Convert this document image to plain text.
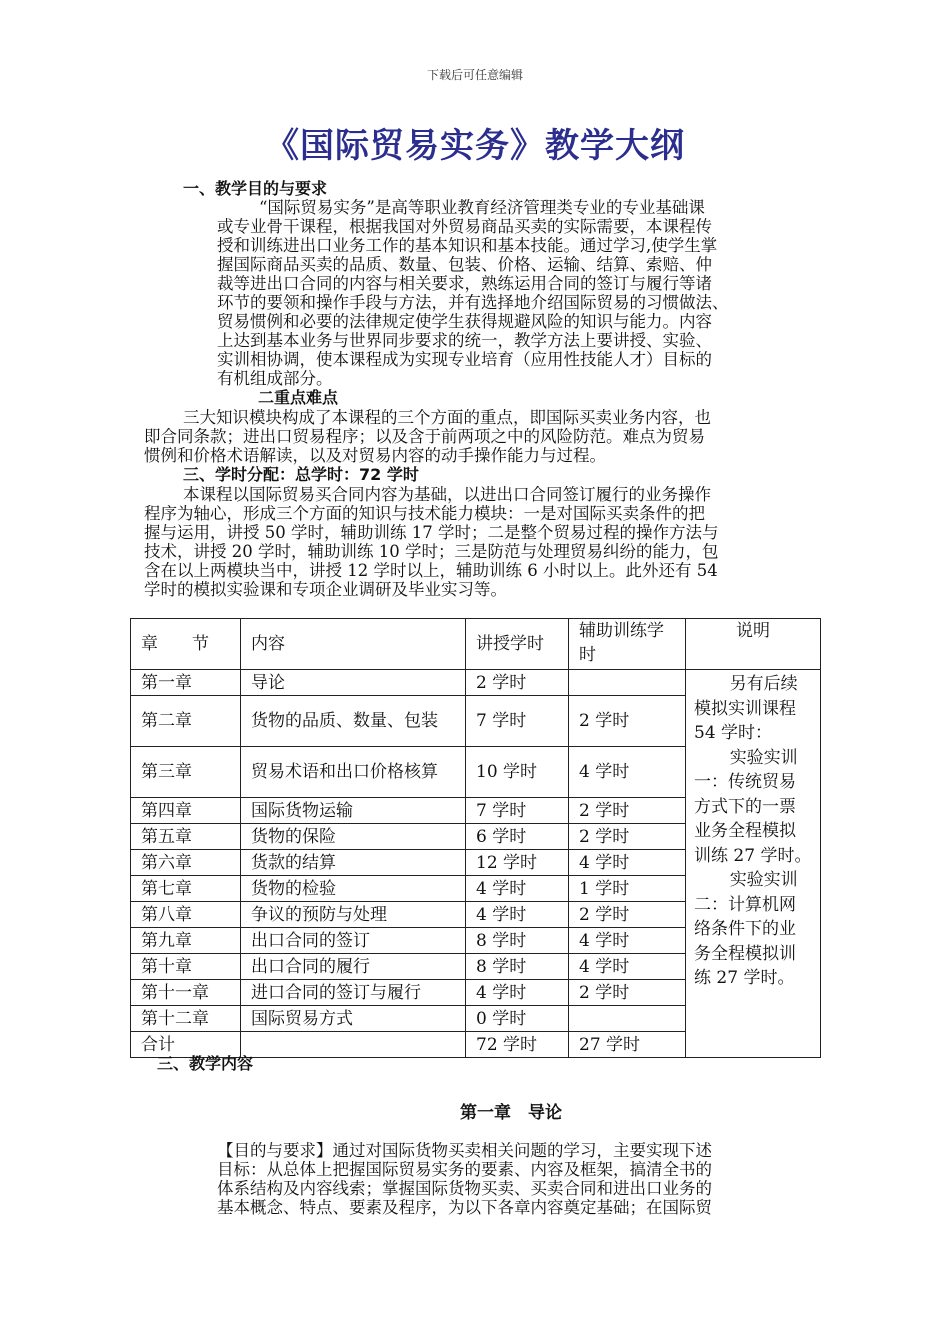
下载后可任意编辑
《国际贸易实务》教学大纲
一、教学目的与要求
“国际贸易实务”是高等职业教育经济管理类专业的专业基础课
或专业骨干课程，根据我国对外贸易商品买卖的实际需要，本课程传
授和训练进出口业务工作的基本知识和基本技能。通过学习,使学生掌
握国际商品买卖的品质、数量、包装、价格、运输、结算、索赔、仲
裁等进出口合同的内容与相关要求，熟练运用合同的签订与履行等诸
环节的要领和操作手段与方法，并有选择地介绍国际贸易的习惯做法、
贸易惯例和必要的法律规定使学生获得规避风险的知识与能力。内容
上达到基本业务与世界同步要求的统一，教学方法上要讲授、实验、
实训相协调，使本课程成为实现专业培育（应用性技能人才）目标的
有机组成部分。
二重点难点
三大知识模块构成了本课程的三个方面的重点，即国际买卖业务内容，也
即合同条款；进出口贸易程序；以及含于前两项之中的风险防范。难点为贸易
惯例和价格术语解读，以及对贸易内容的动手操作能力与过程。
三、学时分配：总学时：72 学时
本课程以国际贸易买合同内容为基础，以进出口合同签订履行的业务操作
程序为轴心，形成三个方面的知识与技术能力模块：一是对国际买卖条件的把
握与运用，讲授 50 学时，辅助训练 17 学时；二是整个贸易过程的操作方法与
技术，讲授 20 学时，辅助训练 10 学时；三是防范与处理贸易纠纷的能力，包
含在以上两模块当中，讲授 12 学时以上，辅助训练 6 小时以上。此外还有 54
学时的模拟实验课和专项企业调研及毕业实习等。
章　　节	内容	讲授学时	辅助训练学时	说明
第一章	导论	2 学时		另有后续模拟实训课程 54 学时：

实验实训一：传统贸易方式下的一票业务全程模拟训练 27 学时。

实验实训二：计算机网络条件下的业务全程模拟训练 27 学时。

第二章	货物的品质、数量、包装	7 学时	2 学时	
第三章	贸易术语和出口价格核算	10 学时	4 学时	
第四章	国际货物运输	7 学时	2 学时	
第五章	货物的保险	6 学时	2 学时	
第六章	货款的结算	12 学时	4 学时	
第七章	货物的检验	4 学时	1 学时	
第八章	争议的预防与处理	4 学时	2 学时	
第九章	出口合同的签订	8 学时	4 学时	
第十章	出口合同的履行	8 学时	4 学时	
第十一章	进口合同的签订与履行	4 学时	2 学时	
第十二章	国际贸易方式	0 学时		
合计		72 学时	27 学时	
三、教学内容
第一章　导论
【目的与要求】通过对国际货物买卖相关问题的学习，主要实现下述
目标：从总体上把握国际贸易实务的要素、内容及框架，搞清全书的
体系结构及内容线索；掌握国际货物买卖、买卖合同和进出口业务的
基本概念、特点、要素及程序，为以下各章内容奠定基础；在国际贸
